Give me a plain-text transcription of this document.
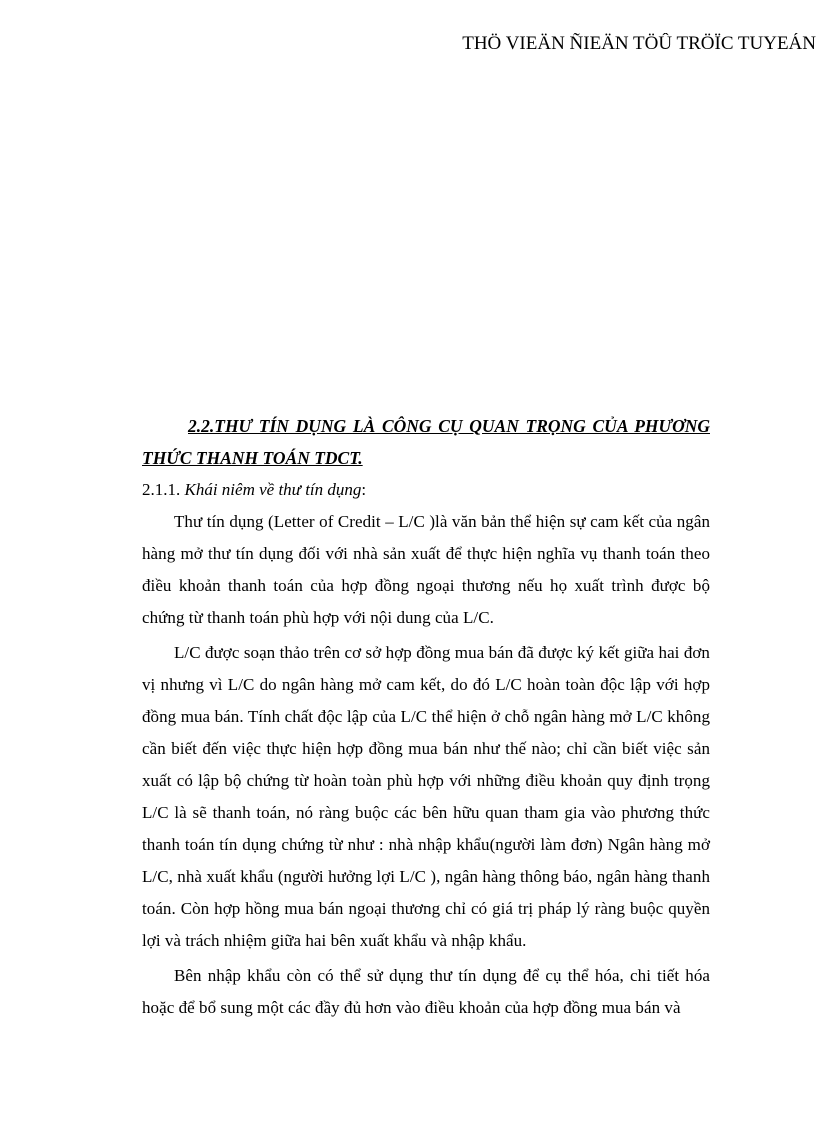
THÖ VIEÄN ÑIEÄN TÖÛ TRÖÏC TUYEÁN

2.2.THƯ TÍN DỤNG LÀ CÔNG CỤ QUAN TRỌNG CỦA PHƯƠNG THỨC THANH TOÁN TDCT.

2.1.1. Khái niêm về thư tín dụng:

Thư tín dụng (Letter of Credit – L/C )là văn bản thể hiện sự cam kết của ngân hàng mở thư tín dụng đối với nhà sản xuất để thực hiện nghĩa vụ thanh toán theo điều khoản thanh toán của hợp đồng ngoại thương nếu họ xuất trình được bộ chứng từ thanh toán phù hợp với nội dung của L/C.

L/C được soạn thảo trên cơ sở hợp đồng mua bán đã được ký kết giữa hai đơn vị nhưng vì L/C do ngân hàng mở cam kết, do đó L/C hoàn toàn độc lập với hợp đồng mua bán. Tính chất độc lập của L/C thể hiện ở chỗ ngân hàng mở L/C không cần biết đến việc thực hiện hợp đồng mua bán như thế nào; chỉ cần biết việc sản xuất có lập bộ chứng từ hoàn toàn phù hợp với những điều khoản quy định trọng L/C là sẽ thanh toán, nó ràng buộc các bên hữu quan tham gia vào phương thức thanh toán tín dụng chứng từ như : nhà nhập khẩu(người làm đơn) Ngân hàng mở L/C, nhà xuất khẩu (người hưởng lợi L/C ), ngân hàng thông báo, ngân hàng thanh toán. Còn hợp hồng mua bán ngoại thương chỉ có giá trị pháp lý ràng buộc quyền lợi và trách nhiệm giữa hai bên xuất khẩu và nhập khẩu.

Bên nhập khẩu còn có thể sử dụng thư tín dụng để cụ thể hóa, chi tiết hóa hoặc để bổ sung một các đầy đủ hơn vào điều khoản của hợp đồng mua bán và
